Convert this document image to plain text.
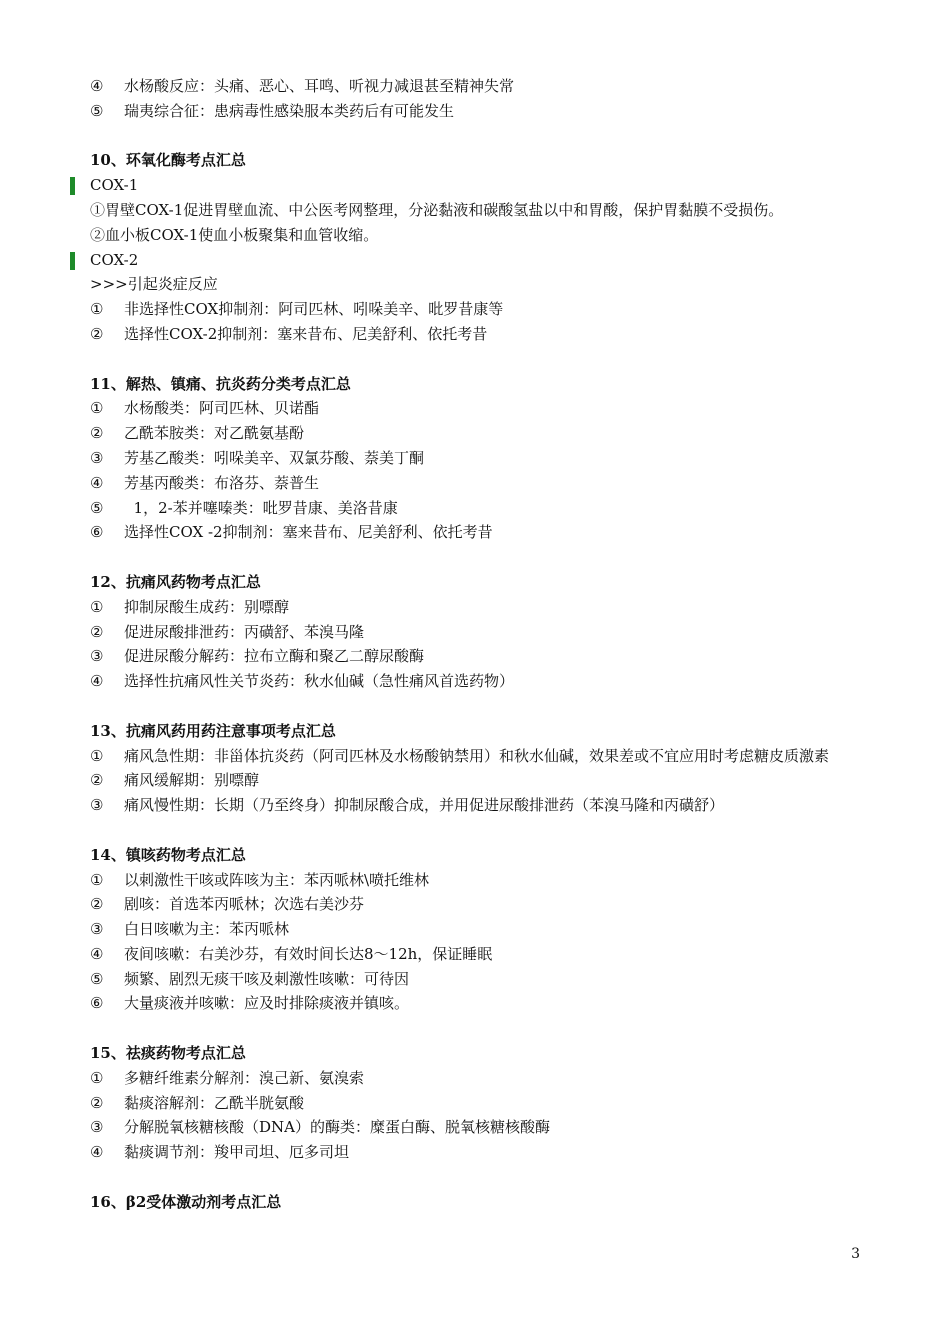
④ 水杨酸反应：头痛、恶心、耳鸣、听视力减退甚至精神失常
⑤ 瑞夷综合征：患病毒性感染服本类药后有可能发生
10、环氧化酶考点汇总
COX-1
①胃壁COX-1促进胃壁血流、中公医考网整理，分泌黏液和碳酸氢盐以中和胃酸，保护胃黏膜不受损伤。
②血小板COX-1使血小板聚集和血管收缩。
COX-2
>>>引起炎症反应
① 非选择性COX抑制剂：阿司匹林、吲哚美辛、吡罗昔康等
② 选择性COX-2抑制剂：塞来昔布、尼美舒利、依托考昔
11、解热、镇痛、抗炎药分类考点汇总
① 水杨酸类：阿司匹林、贝诺酯
② 乙酰苯胺类：对乙酰氨基酚
③ 芳基乙酸类：吲哚美辛、双氯芬酸、萘美丁酮
④ 芳基丙酸类：布洛芬、萘普生
⑤  1，2-苯并噻嗪类：吡罗昔康、美洛昔康
⑥ 选择性COX -2抑制剂：塞来昔布、尼美舒利、依托考昔
12、抗痛风药物考点汇总
① 抑制尿酸生成药：别嘌醇
② 促进尿酸排泄药：丙磺舒、苯溴马隆
③ 促进尿酸分解药：拉布立酶和聚乙二醇尿酸酶
④ 选择性抗痛风性关节炎药：秋水仙碱（急性痛风首选药物）
13、抗痛风药用药注意事项考点汇总
① 痛风急性期：非甾体抗炎药（阿司匹林及水杨酸钠禁用）和秋水仙碱，效果差或不宜应用时考虑糖皮质激素
② 痛风缓解期：别嘌醇
③ 痛风慢性期：长期（乃至终身）抑制尿酸合成，并用促进尿酸排泄药（苯溴马隆和丙磺舒）
14、镇咳药物考点汇总
① 以刺激性干咳或阵咳为主：苯丙哌林\喷托维林
② 剧咳：首选苯丙哌林；次选右美沙芬
③ 白日咳嗽为主：苯丙哌林
④ 夜间咳嗽：右美沙芬，有效时间长达8～12h，保证睡眠
⑤ 频繁、剧烈无痰干咳及刺激性咳嗽：可待因
⑥ 大量痰液并咳嗽：应及时排除痰液并镇咳。
15、祛痰药物考点汇总
① 多糖纤维素分解剂：溴己新、氨溴索
② 黏痰溶解剂：乙酰半胱氨酸
③ 分解脱氧核糖核酸（DNA）的酶类：糜蛋白酶、脱氧核糖核酸酶
④ 黏痰调节剂：羧甲司坦、厄多司坦
16、β2受体激动剂考点汇总
3
